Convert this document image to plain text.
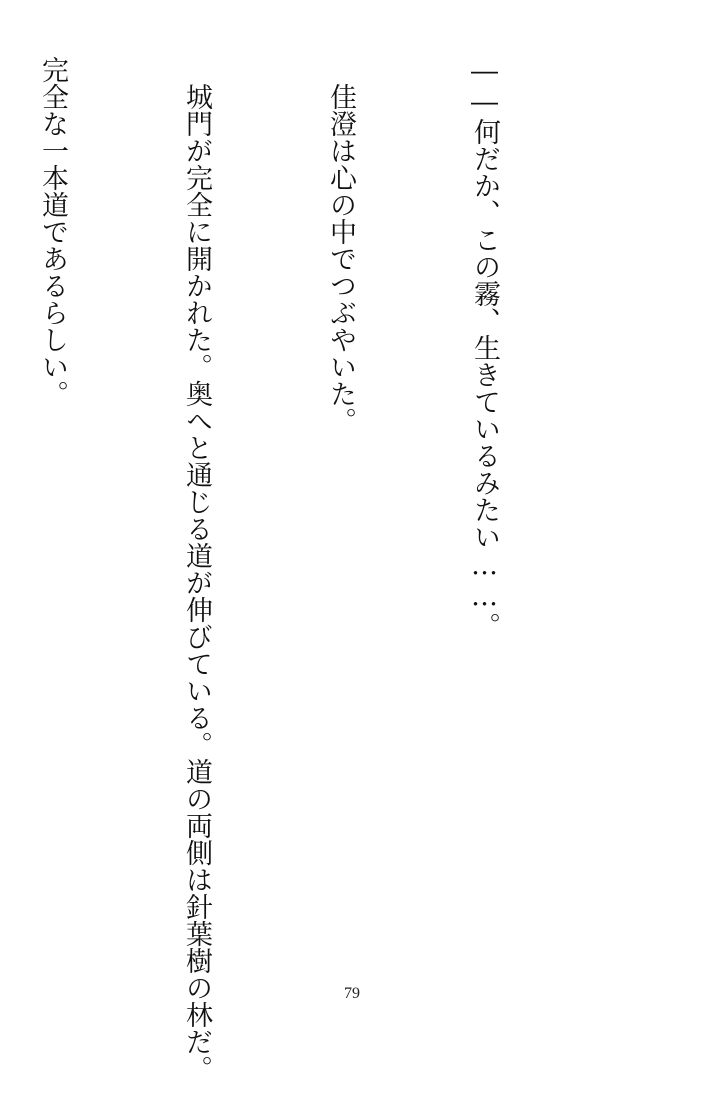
――何だか、この霧、生きているみたい……。

　佳澄は心の中でつぶやいた。

　城門が完全に開かれた。奥へと通じる道が伸びている。道の両側は針葉樹の林だ。

完全な一本道であるらしい。

79
